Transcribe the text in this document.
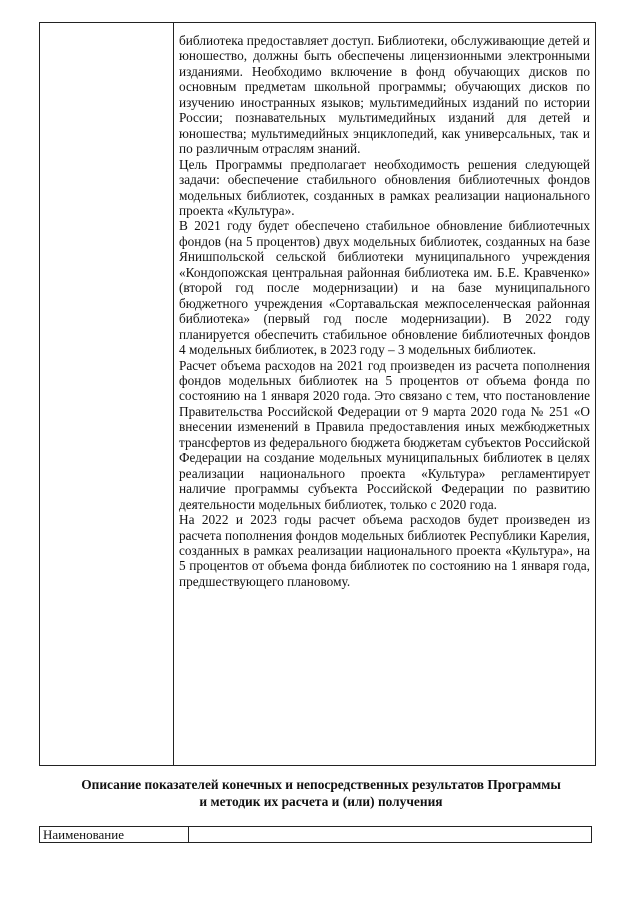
библиотека предоставляет доступ. Библиотеки, обслуживающие детей и юношество, должны быть обеспечены лицензионными электронными изданиями. Необходимо включение в фонд обучающих дисков по основным предметам школьной программы; обучающих дисков по изучению иностранных языков; мультимедийных изданий по истории России; познавательных мультимедийных изданий для детей и юношества; мультимедийных энциклопедий, как универсальных, так и по различным отраслям знаний.

Цель Программы предполагает необходимость решения следующей задачи: обеспечение стабильного обновления библиотечных фондов модельных библиотек, созданных в рамках реализации национального проекта «Культура».

В 2021 году будет обеспечено стабильное обновление библиотечных фондов (на 5 процентов) двух модельных библиотек, созданных на базе Янишпольской сельской библиотеки муниципального учреждения «Кондопожская центральная районная библиотека им. Б.Е. Кравченко» (второй год после модернизации) и на базе муниципального бюджетного учреждения «Сортавальская межпоселенческая районная библиотека» (первый год после модернизации). В 2022 году планируется обеспечить стабильное обновление библиотечных фондов 4 модельных библиотек, в 2023 году – 3 модельных библиотек.

Расчет объема расходов на 2021 год произведен из расчета пополнения фондов модельных библиотек на 5 процентов от объема фонда по состоянию на 1 января 2020 года. Это связано с тем, что постановление Правительства Российской Федерации от 9 марта 2020 года № 251 «О внесении изменений в Правила предоставления иных межбюджетных трансфертов из федерального бюджета бюджетам субъектов Российской Федерации на создание модельных муниципальных библиотек в целях реализации национального проекта «Культура» регламентирует наличие программы субъекта Российской Федерации по развитию деятельности модельных библиотек, только с 2020 года.

На 2022 и 2023 годы расчет объема расходов будет произведен из расчета пополнения фондов модельных библиотек Республики Карелия, созданных в рамках реализации национального проекта «Культура», на 5 процентов от объема фонда библиотек по состоянию на 1 января года, предшествующего плановому.

Описание показателей конечных и непосредственных результатов Программы
и методик их расчета и (или) получения
Наименование
